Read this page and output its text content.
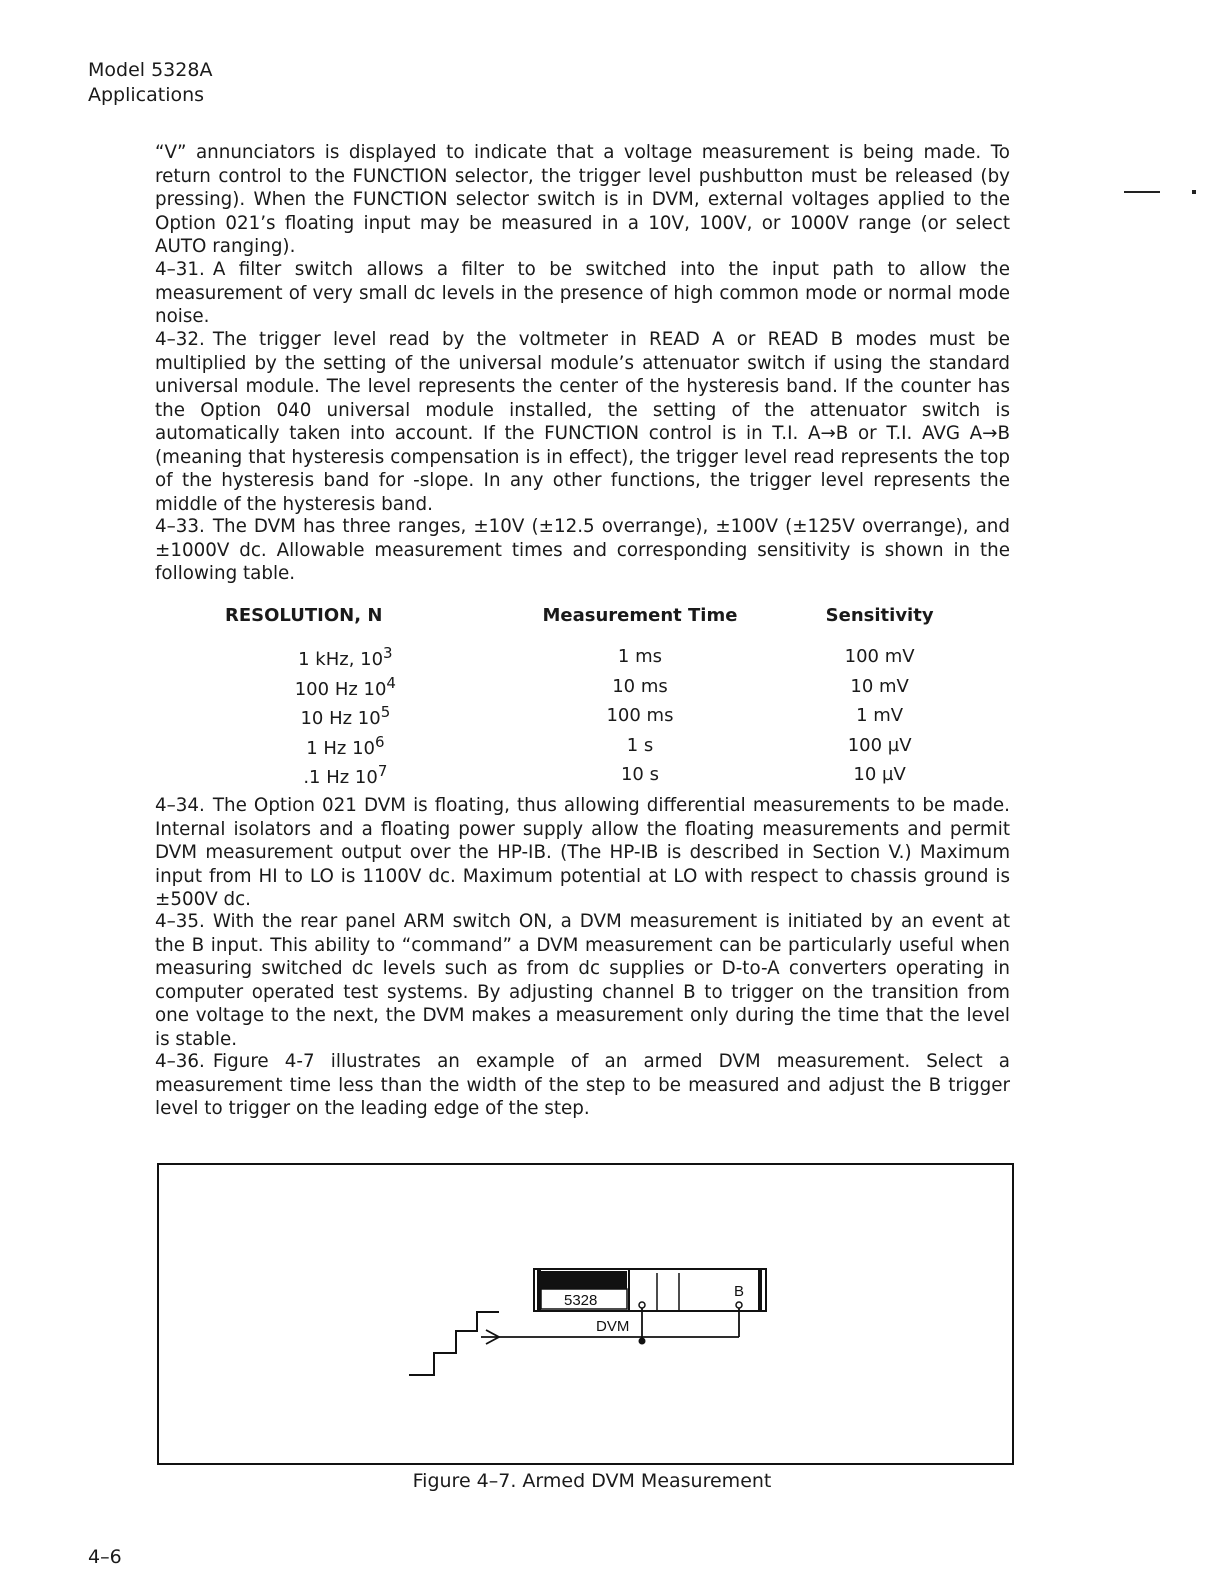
Model 5328A
Applications

“V” annunciators is displayed to indicate that a voltage measurement is being made. To return control to the FUNCTION selector, the trigger level pushbutton must be released (by pressing). When the FUNCTION selector switch is in DVM, external voltages applied to the Option 021’s floating input may be measured in a 10V, 100V, or 1000V range (or select AUTO ranging).

4–31. A filter switch allows a filter to be switched into the input path to allow the measurement of very small dc levels in the presence of high common mode or normal mode noise.

4–32. The trigger level read by the voltmeter in READ A or READ B modes must be multiplied by the setting of the universal module’s attenuator switch if using the standard universal module. The level represents the center of the hysteresis band. If the counter has the Option 040 universal module installed, the setting of the attenuator switch is automatically taken into account. If the FUNCTION control is in T.I. A→B or T.I. AVG A→B (meaning that hysteresis compensation is in effect), the trigger level read represents the top of the hysteresis band for -slope. In any other functions, the trigger level represents the middle of the hysteresis band.

4–33. The DVM has three ranges, ±10V (±12.5 overrange), ±100V (±125V overrange), and ±1000V dc. Allowable measurement times and corresponding sensitivity is shown in the following table.

RESOLUTION, N	Measurement Time	Sensitivity
1 kHz, $10^3$	1 ms	100 mV
100 Hz $10^4$	10 ms	10 mV
10 Hz $10^5$	100 ms	1 mV
1 Hz $10^6$	1 s	100 µV
.1 Hz $10^7$	10 s	10 µV

4–34. The Option 021 DVM is floating, thus allowing differential measurements to be made. Internal isolators and a floating power supply allow the floating measurements and permit DVM measurement output over the HP-IB. (The HP-IB is described in Section V.) Maximum input from HI to LO is 1100V dc. Maximum potential at LO with respect to chassis ground is ±500V dc.

4–35. With the rear panel ARM switch ON, a DVM measurement is initiated by an event at the B input. This ability to “command” a DVM measurement can be particularly useful when measuring switched dc levels such as from dc supplies or D-to-A converters operating in computer operated test systems. By adjusting channel B to trigger on the transition from one voltage to the next, the DVM makes a measurement only during the time that the level is stable.

4–36. Figure 4-7 illustrates an example of an armed DVM measurement. Select a measurement time less than the width of the step to be measured and adjust the B trigger level to trigger on the leading edge of the step.

5328
B
DVM
Figure 4–7. Armed DVM Measurement
4–6
